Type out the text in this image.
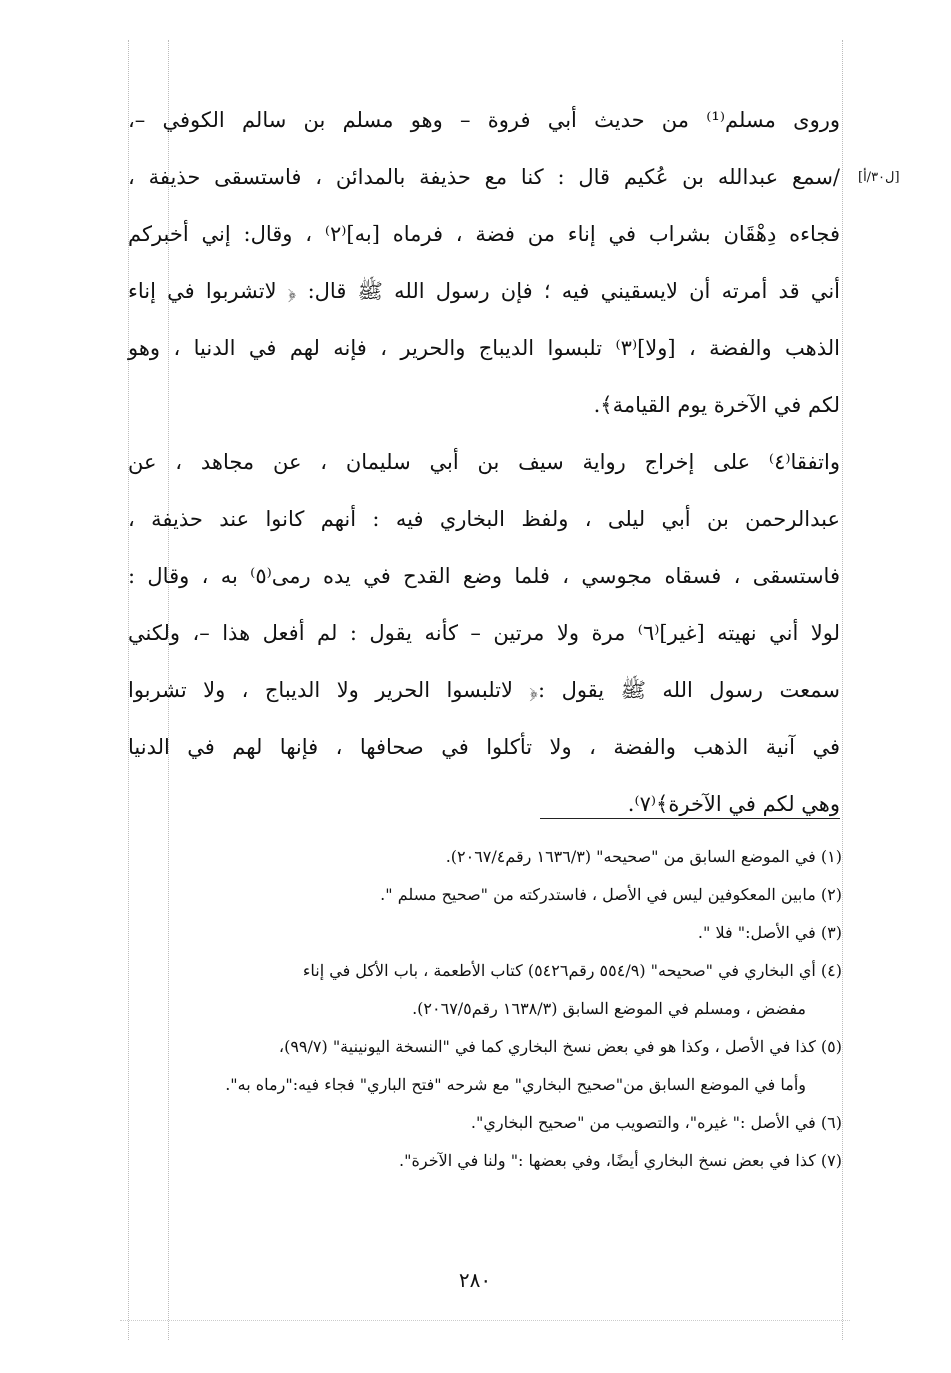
[ل٣٠/أ]
وروى مسلم⁽¹⁾ من حديث أبي فروة – وهو مسلم بن سالم الكوفي –،
/سمع عبدالله بن عُكيم قال : كنا مع حذيفة بالمدائن ، فاستسقى حذيفة ،
فجاءه دِهْقَان بشراب في إناء من فضة ، فرماه [به]⁽٢⁾ ، وقال: إني أخبركم
أني قد أمرته أن لايسقيني فيه ؛ فإن رسول الله ﷺ قال: ﴿ لاتشربوا في إناء
الذهب والفضة ، [ولا]⁽٣⁾ تلبسوا الديباج والحرير ، فإنه لهم في الدنيا ، وهو
لكم في الآخرة يوم القيامة﴾.
واتفقا⁽٤⁾ على إخراج رواية سيف بن أبي سليمان ، عن مجاهد ، عن
عبدالرحمن بن أبي ليلى ، ولفظ البخاري فيه : أنهم كانوا عند حذيفة ،
فاستسقى ، فسقاه مجوسي ، فلما وضع القدح في يده رمى⁽٥⁾ به ، وقال :
لولا أني نهيته [غير]⁽٦⁾ مرة ولا مرتين – كأنه يقول : لم أفعل هذا –، ولكني
سمعت رسول الله ﷺ يقول :﴿ لاتلبسوا الحرير ولا الديباج ، ولا تشربوا
في آنية الذهب والفضة ، ولا تأكلوا في صحافها ، فإنها لهم في الدنيا
وهي لكم في الآخرة﴾⁽٧⁾.
(١) في الموضع السابق من "صحيحه" (١٦٣٦/٣ رقم٢٠٦٧/٤).
(٢) مابين المعكوفين ليس في الأصل ، فاستدركته من "صحيح مسلم ".
(٣) في الأصل:" فلا ".
(٤) أي البخاري في "صحيحه" (٥٥٤/٩ رقم٥٤٢٦) كتاب الأطعمة ، باب الأكل في إناء
مفضض ، ومسلم في الموضع السابق (١٦٣٨/٣ رقم٢٠٦٧/٥).
(٥) كذا في الأصل ، وكذا هو في بعض نسخ البخاري كما في "النسخة اليونينية" (٩٩/٧)،
وأما في الموضع السابق من"صحيح البخاري" مع شرحه "فتح الباري" فجاء فيه:"رماه به".
(٦) في الأصل :" غيره"، والتصويب من "صحيح البخاري".
(٧) كذا في بعض نسخ البخاري أيضًا، وفي بعضها :" ولنا في الآخرة".
٢٨٠
